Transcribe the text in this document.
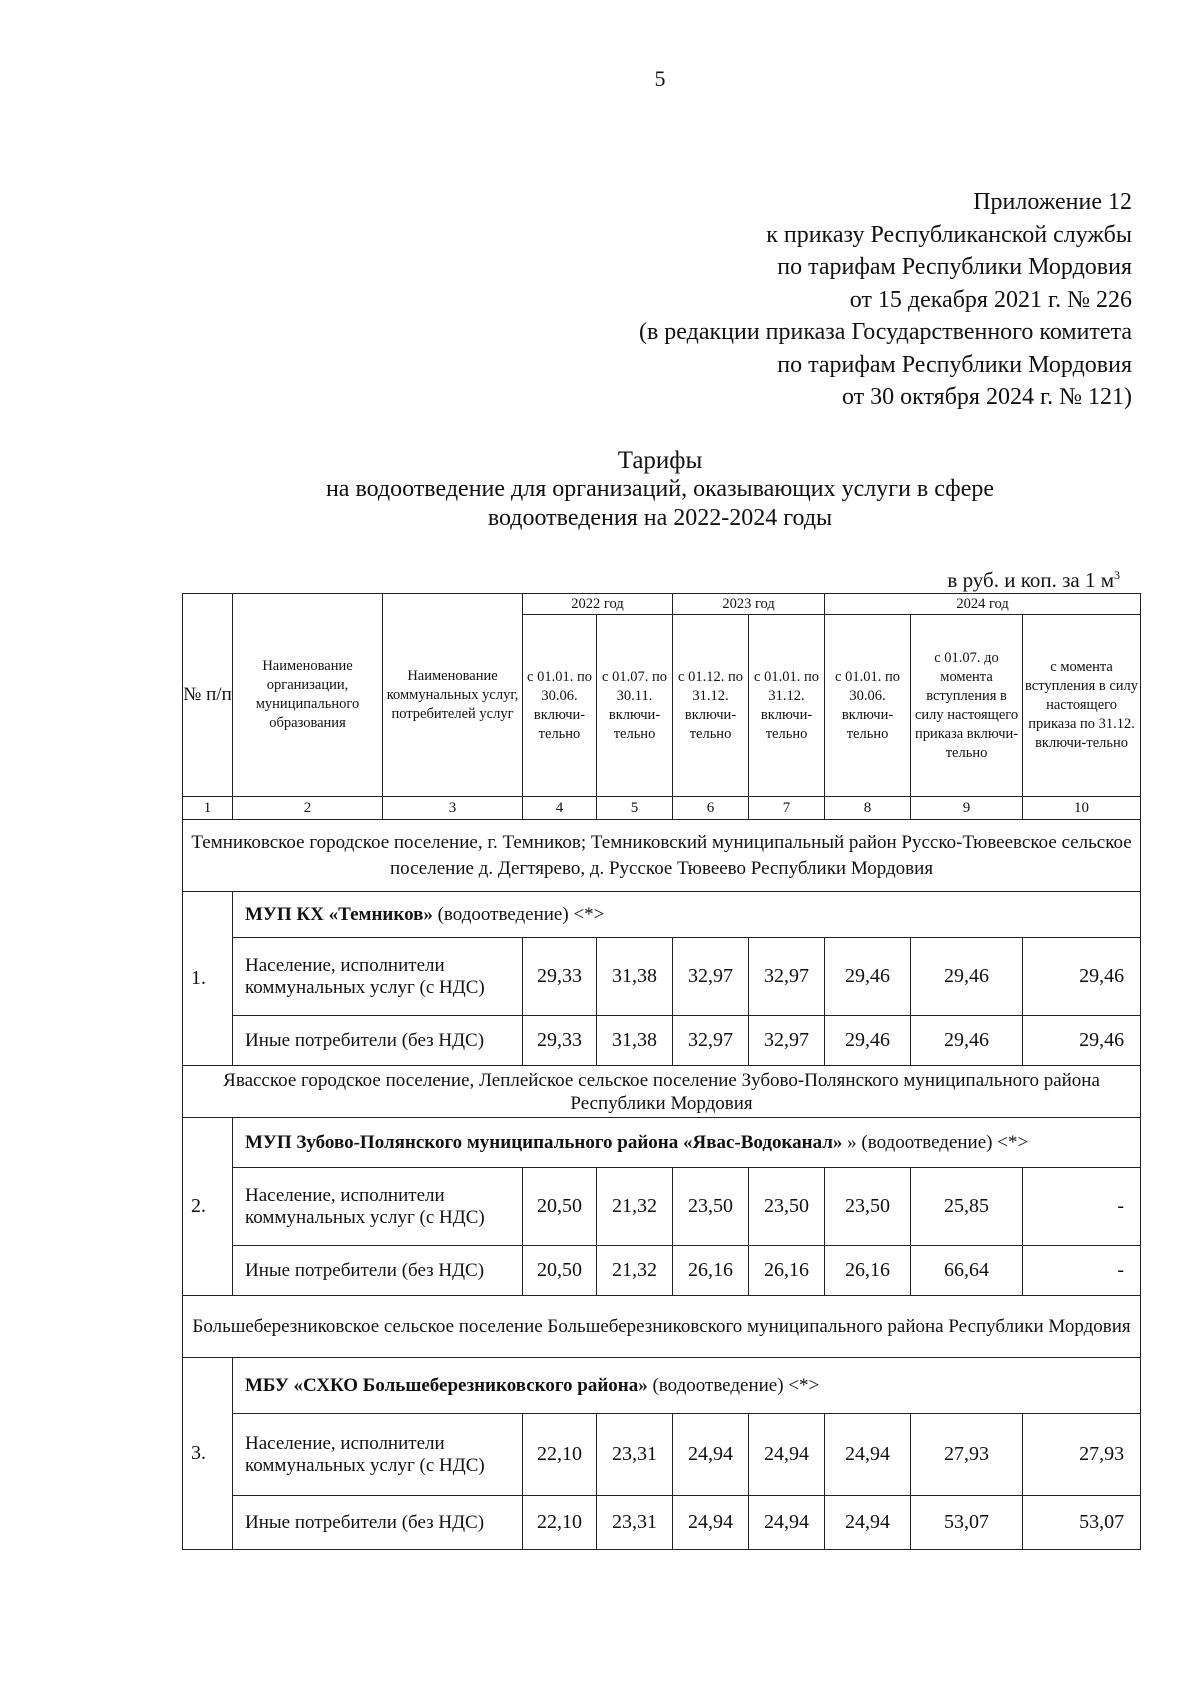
5
Приложение 12
к приказу Республиканской службы
по тарифам Республики Мордовия
от 15 декабря 2021 г. № 226
(в редакции приказа Государственного комитета
по тарифам Республики Мордовия
от 30 октября 2024 г. № 121)
Тарифы
на водоотведение для организаций, оказывающих услуги в сфере
водоотведения на 2022-2024 годы
в руб. и коп. за 1 $м^3$
№ п/п	Наименование организации, муниципального образования	Наименование коммунальных услуг, потребителей услуг	2022 год		2023 год		2024 год		
			с 01.01. по 30.06. включи-тельно	с 01.07. по 30.11. включи-тельно	с 01.12. по 31.12. включи-тельно	с 01.01. по 31.12. включи-тельно	с 01.01. по 30.06. включи-тельно	с 01.07. до момента вступления в силу настоящего приказа включи-тельно	с момента вступления в силу настоящего приказа по 31.12. включи-тельно
1	2	3	4	5	6	7	8	9	10
Темниковское городское поселение, г. Темников; Темниковский муниципальный район Русско-Тювеевское сельское поселение д. Дегтярево, д. Русское Тювеево Республики Мордовия									
1.	МУП КХ «Темников» (водоотведение) <*>								
	Население, исполнители коммунальных услуг (с НДС)		29,33	31,38	32,97	32,97	29,46	29,46	29,46
	Иные потребители (без НДС)		29,33	31,38	32,97	32,97	29,46	29,46	29,46
Явасское городское поселение, Леплейское сельское поселение Зубово-Полянского муниципального района Республики Мордовия									
2.	МУП Зубово-Полянского муниципального района «Явас-Водоканал» » (водоотведение) <*>								
	Население, исполнители коммунальных услуг (с НДС)		20,50	21,32	23,50	23,50	23,50	25,85	-
	Иные потребители (без НДС)		20,50	21,32	26,16	26,16	26,16	66,64	-
Большеберезниковское сельское поселение Большеберезниковского муниципального района Республики Мордовия									
3.	МБУ «СХКО Большеберезниковского района» (водоотведение) <*>								
	Население, исполнители коммунальных услуг (с НДС)		22,10	23,31	24,94	24,94	24,94	27,93	27,93
	Иные потребители (без НДС)		22,10	23,31	24,94	24,94	24,94	53,07	53,07
